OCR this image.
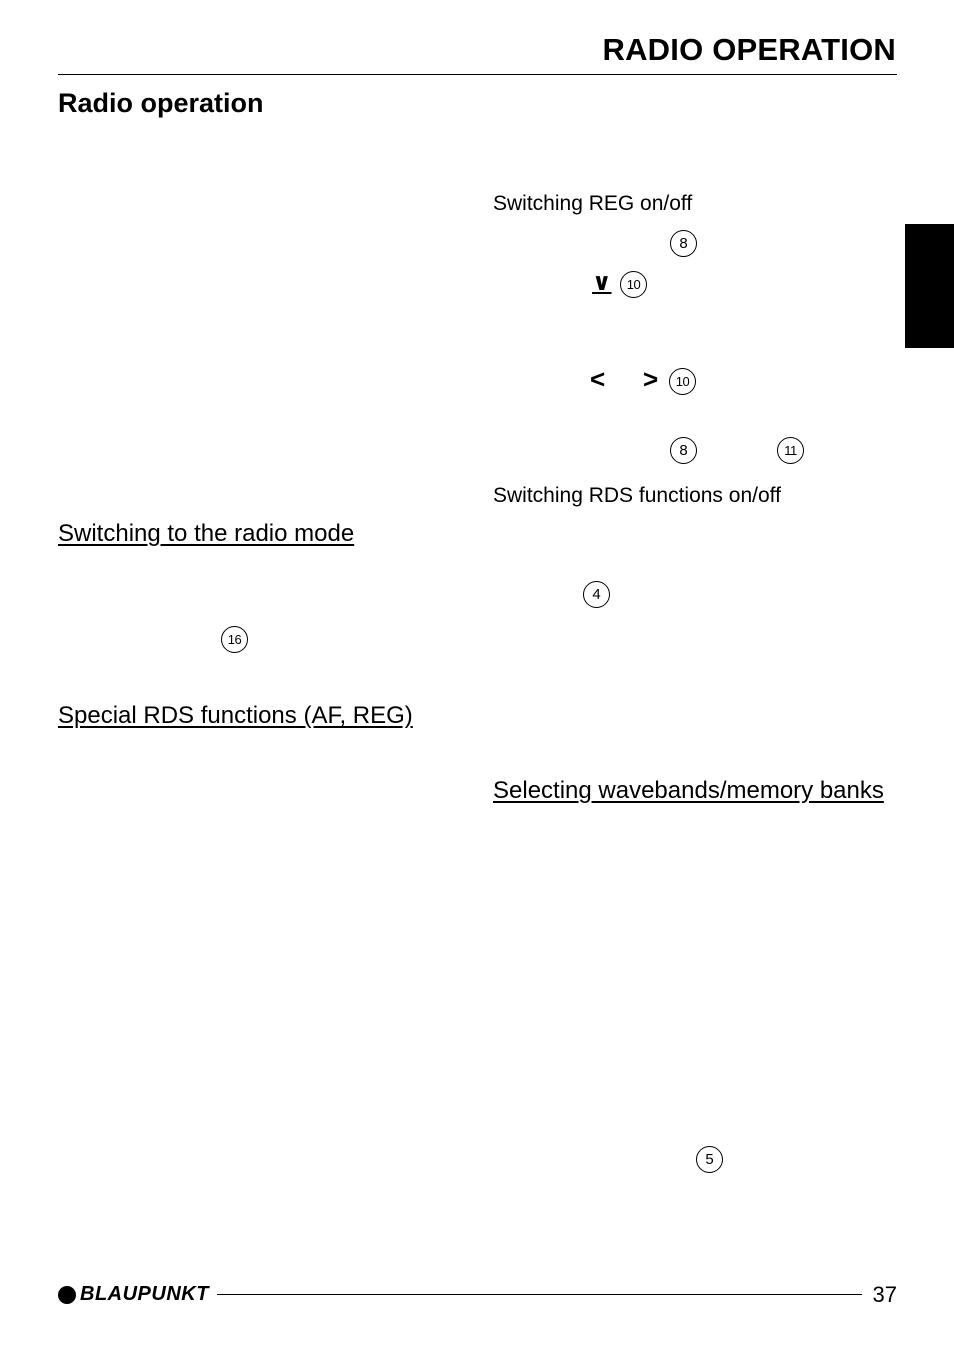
RADIO OPERATION
Radio operation
Switching REG on/off
8
∨	10
< >	10
8	11
Switching RDS functions on/off
4
Switching to the radio mode
16
Special RDS functions (AF, REG)
Selecting wavebands/memory banks
5
BLAUPUNKT	37
